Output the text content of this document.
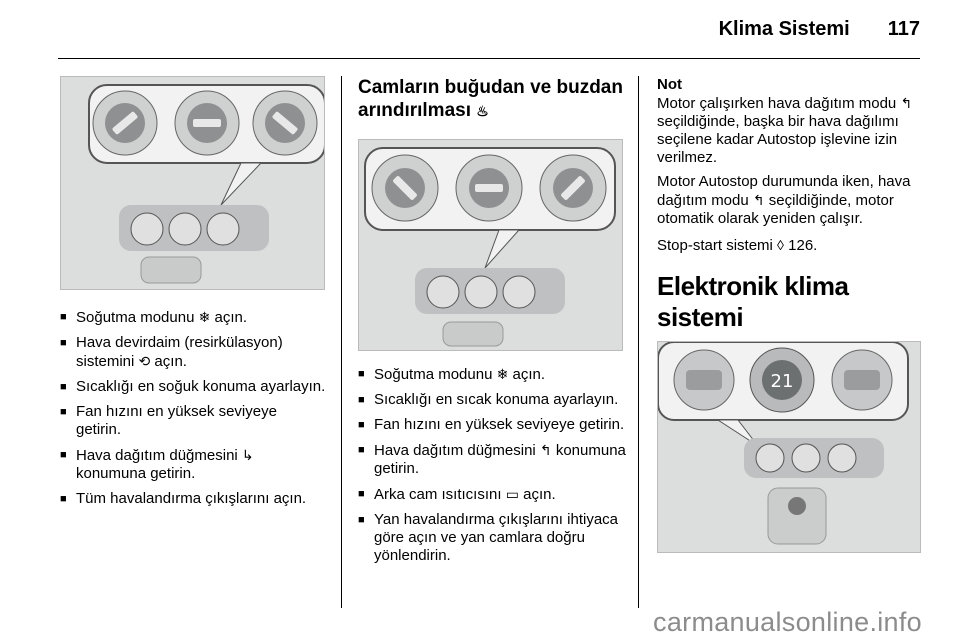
Klima Sistemi 117
■ Soğutma modunu ❄ açın.
■ Hava devirdaim (resirkülasyon) sistemini ⟲ açın.
■ Sıcaklığı en soğuk konuma ayarlayın.
■ Fan hızını en yüksek seviyeye getirin.
■ Hava dağıtım düğmesini ↳ konumuna getirin.
■ Tüm havalandırma çıkışlarını açın.
Camların buğudan ve buzdan arındırılması ♨
■ Soğutma modunu ❄ açın.
■ Sıcaklığı en sıcak konuma ayarlayın.
■ Fan hızını en yüksek seviyeye getirin.
■ Hava dağıtım düğmesini ↰ konumuna getirin.
■ Arka cam ısıtıcısını ▭ açın.
■ Yan havalandırma çıkışlarını ihtiyaca göre açın ve yan camlara doğru yönlendirin.

Not

Motor çalışırken hava dağıtım modu ↰ seçildiğinde, başka bir hava dağılımı seçilene kadar Autostop işlevine izin verilmez.

Motor Autostop durumunda iken, hava dağıtım modu ↰ seçildiğinde, motor otomatik olarak yeniden çalışır.

Stop-start sistemi ◊ 126.

Elektronik klima sistemi
21
carmanualsonline.info
